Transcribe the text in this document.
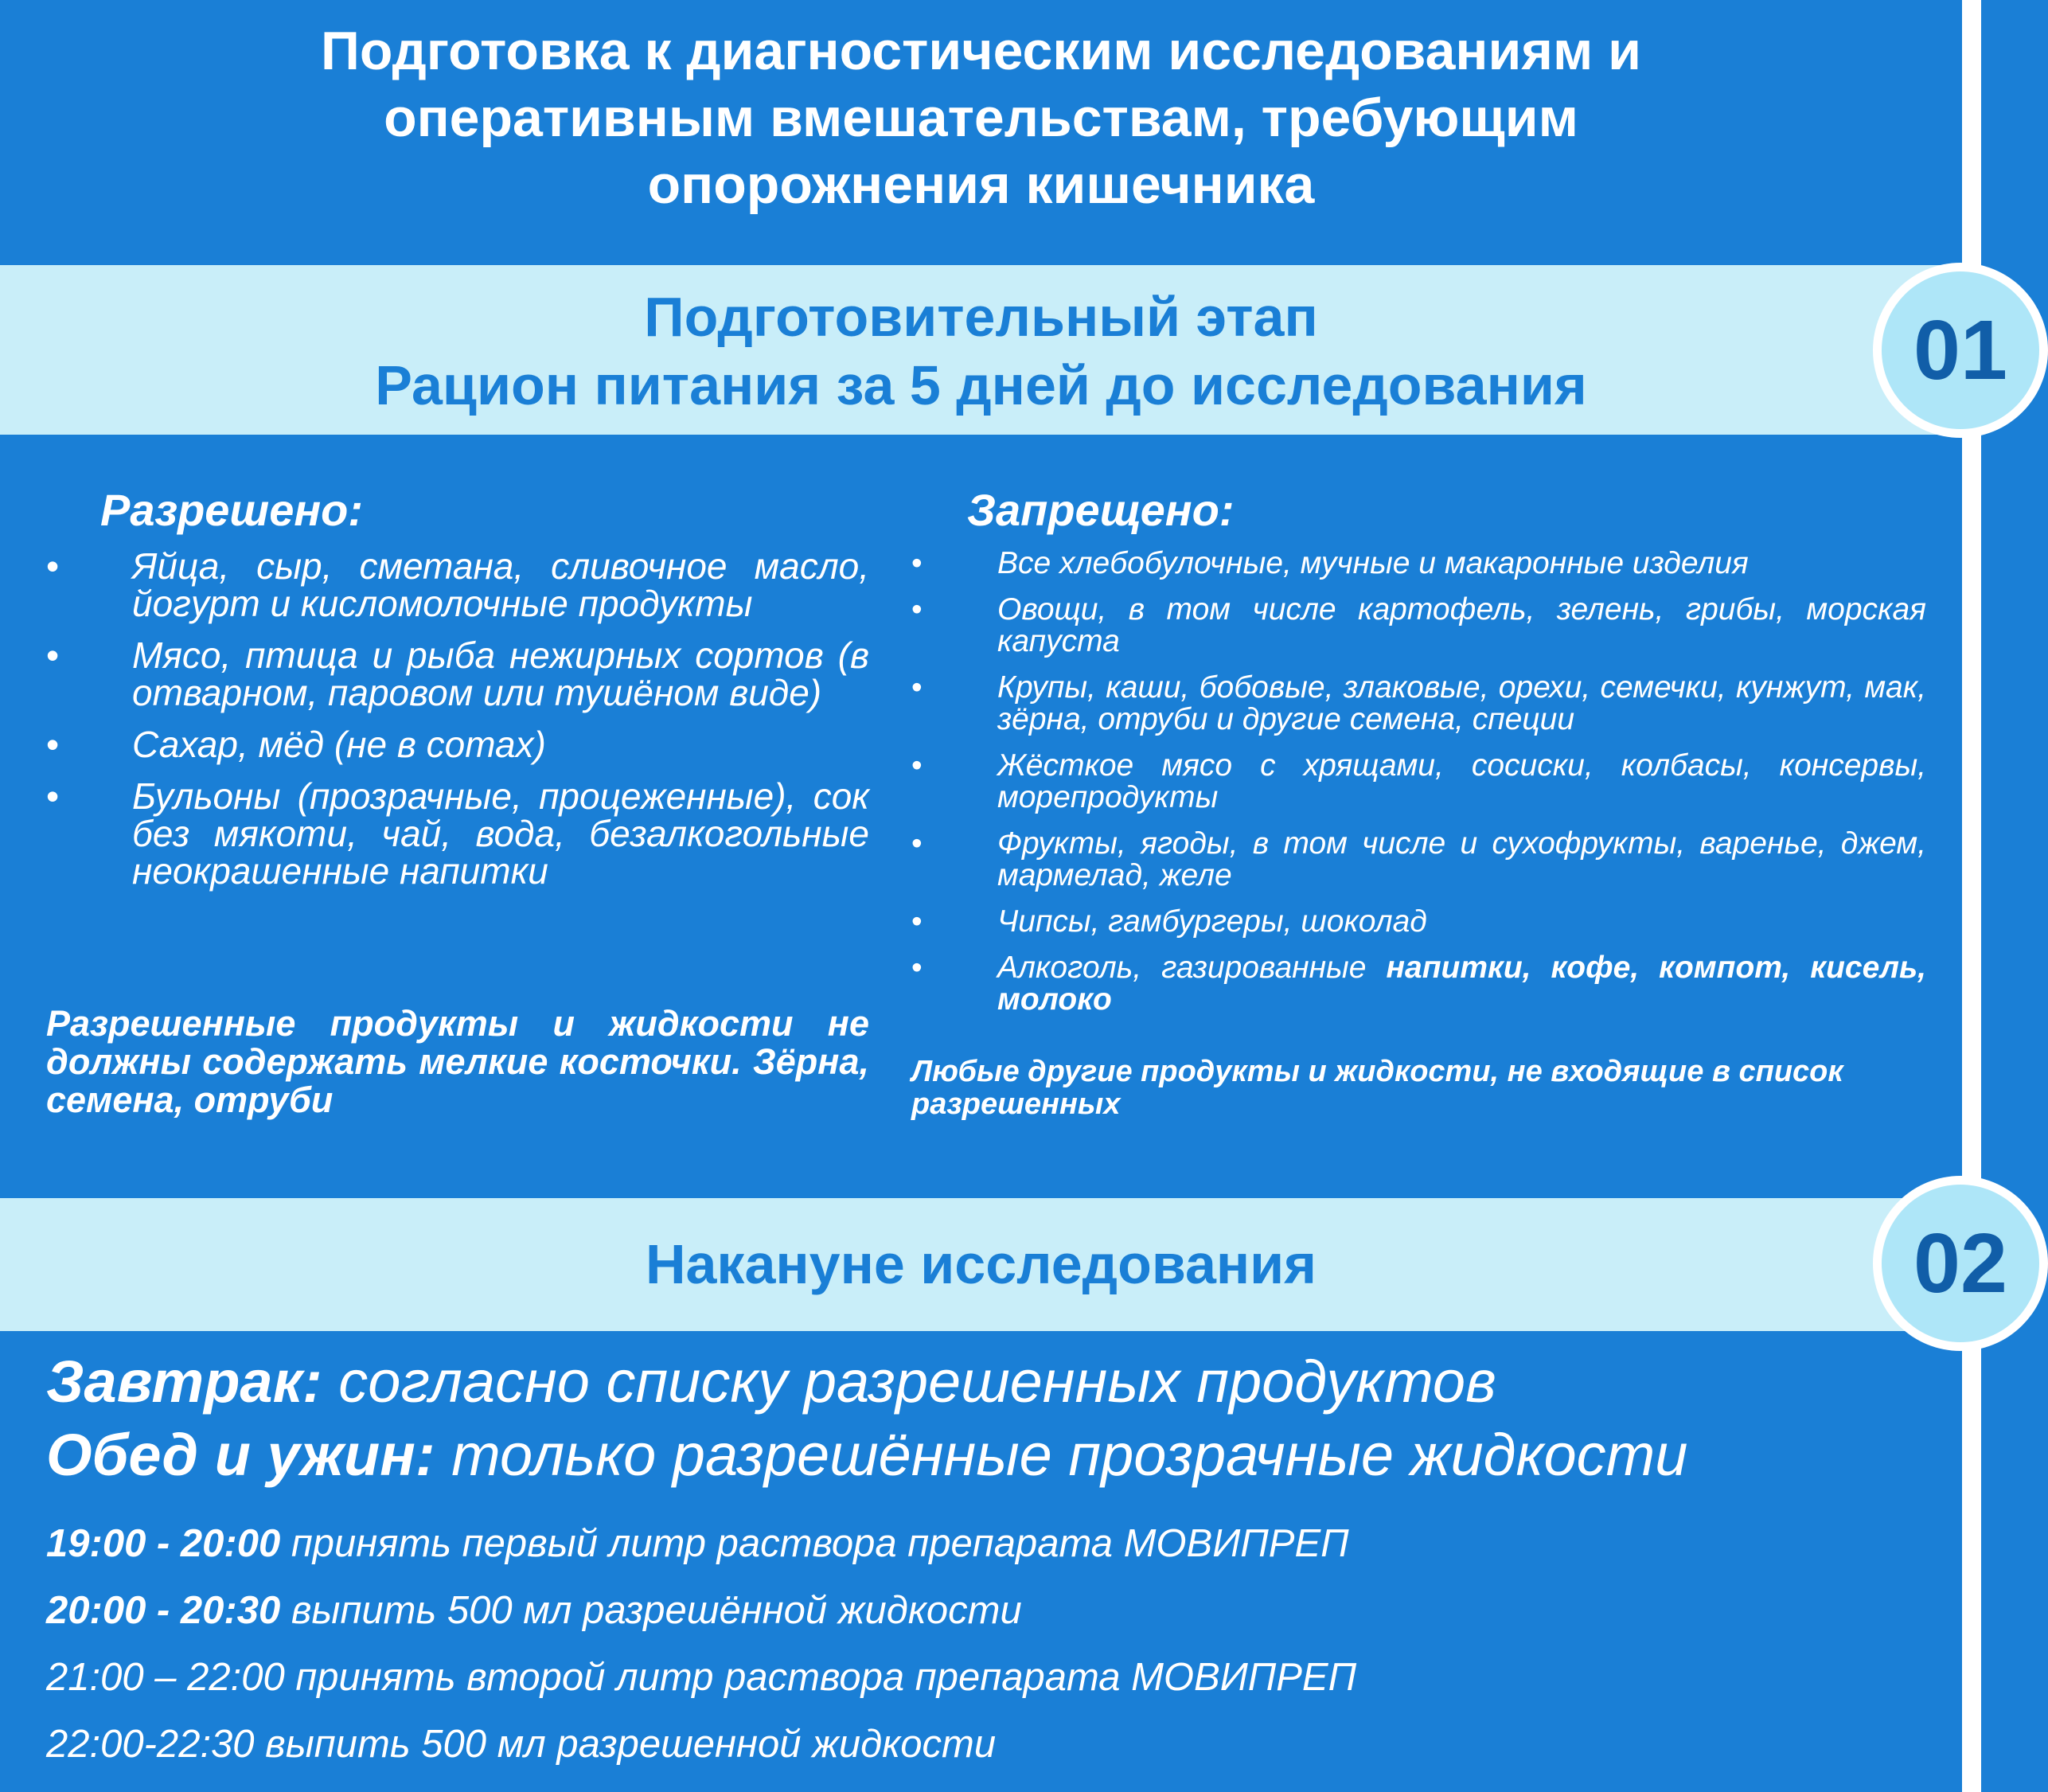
Подготовка к диагностическим исследованиям и
оперативным вмешательствам, требующим
опорожнения кишечника
Подготовительный этап
Рацион питания за 5 дней до исследования	01
Разрешено:
• Яйца, сыр, сметана, сливочное масло, йогурт и кисломолочные продукты
• Мясо, птица и рыба нежирных сортов (в отварном, паровом или тушёном виде)
• Сахар, мёд (не в сотах)
• Бульоны (прозрачные, процеженные), сок без мякоти, чай, вода, безалкогольные неокрашенные напитки
Разрешенные продукты и жидкости не должны содержать мелкие косточки. Зёрна, семена, отруби
Запрещено:
• Все хлебобулочные, мучные и макаронные изделия
• Овощи, в том числе картофель, зелень, грибы, морская капуста
• Крупы, каши, бобовые, злаковые, орехи, семечки, кунжут, мак, зёрна, отруби и другие семена, специи
• Жёсткое мясо с хрящами, сосиски, колбасы, консервы, морепродукты
• Фрукты, ягоды, в том числе и сухофрукты, варенье, джем, мармелад, желе
• Чипсы, гамбургеры, шоколад
• Алкоголь, газированные напитки, кофе, компот, кисель, молоко
Любые другие продукты и жидкости, не входящие в список разрешенных
Накануне исследования	02
Завтрак: согласно списку разрешенных продуктов
Обед и ужин: только разрешённые прозрачные жидкости
19:00 - 20:00 принять первый литр раствора препарата МОВИПРЕП
20:00 - 20:30 выпить 500 мл разрешённой жидкости
21:00 – 22:00 принять второй литр раствора препарата МОВИПРЕП
22:00-22:30 выпить 500 мл разрешенной жидкости
